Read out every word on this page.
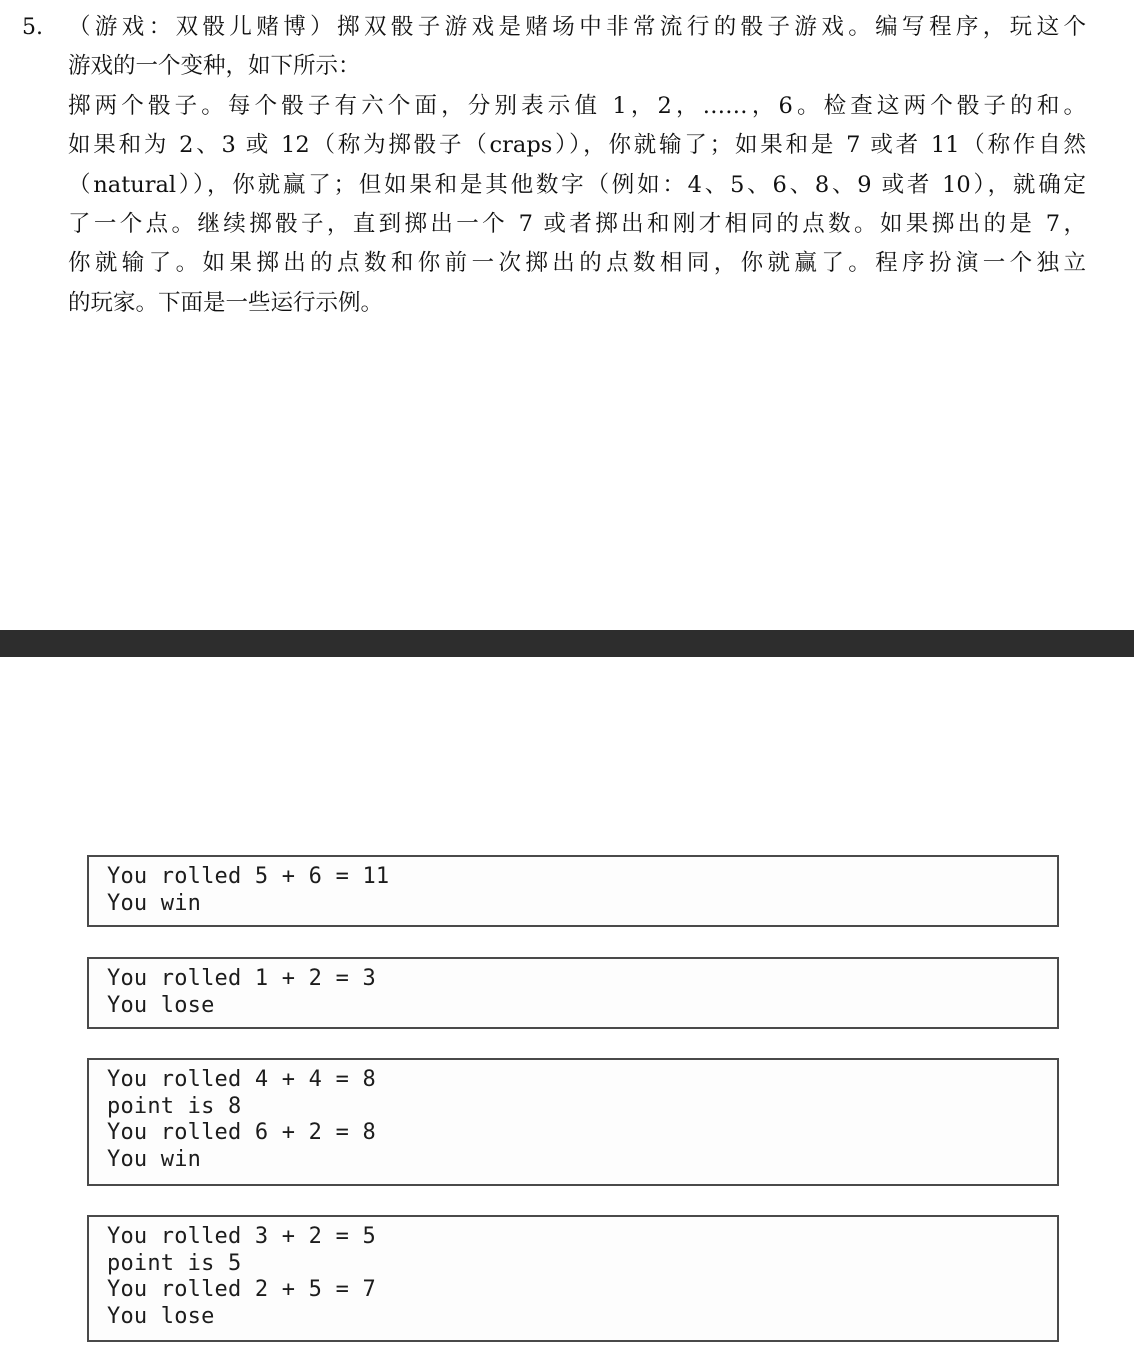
5. （游戏：双骰儿赌博）掷双骰子游戏是赌场中非常流行的骰子游戏。编写程序，玩这个
游戏的一个变种，如下所示：
掷两个骰子。每个骰子有六个面，分别表示值 1，2，……，6。检查这两个骰子的和。
如果和为 2、3 或 12（称为掷骰子（craps）），你就输了；如果和是 7 或者 11（称作自然
（natural）），你就赢了；但如果和是其他数字（例如：4、5、6、8、9 或者 10），就确定
了一个点。继续掷骰子，直到掷出一个 7 或者掷出和刚才相同的点数。如果掷出的是 7，
你就输了。如果掷出的点数和你前一次掷出的点数相同，你就赢了。程序扮演一个独立
的玩家。下面是一些运行示例。
You rolled 5 + 6 = 11
You win
You rolled 1 + 2 = 3
You lose
You rolled 4 + 4 = 8
point is 8
You rolled 6 + 2 = 8
You win
You rolled 3 + 2 = 5
point is 5
You rolled 2 + 5 = 7
You lose
